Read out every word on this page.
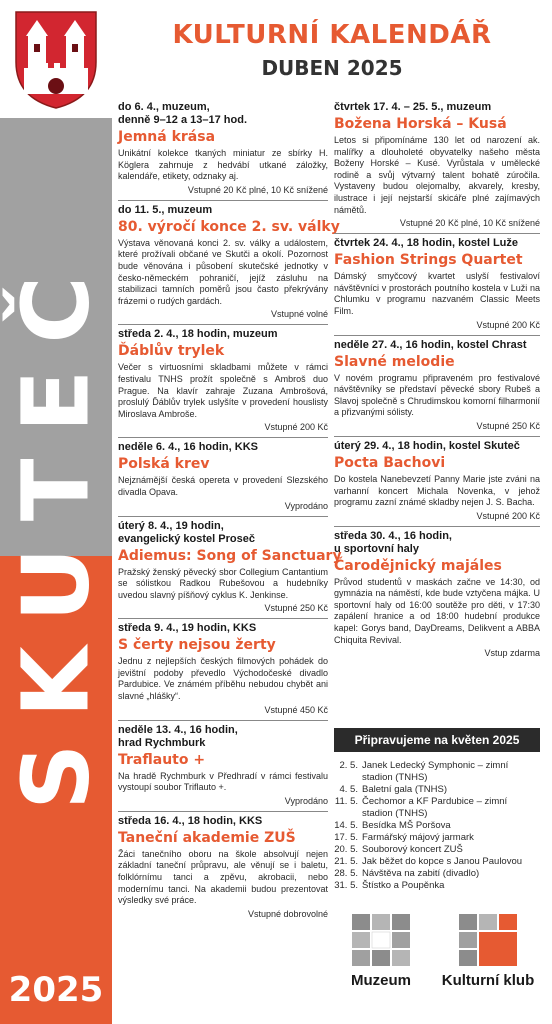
SKUTEČ
2025
KULTURNÍ KALENDÁŘ
DUBEN 2025
do 6. 4., muzeum,
denně 9–12 a 13–17 hod.
Jemná krása
Unikátní kolekce tkaných miniatur ze sbírky H. Köglera zahrnuje z hedvábí utkané záložky, kalendáře, etikety, odznaky aj.
Vstupné 20 Kč plné, 10 Kč snížené
do 11. 5., muzeum
80. výročí konce 2. sv. války
Výstava věnovaná konci 2. sv. války a událostem, které prožívali občané ve Skutči a okolí. Pozornost bude věnována i působení skutečské jednotky v česko-německém pohraničí, jejíž zásluhu na stabilizaci tamních poměrů jsou často překrývány frázemi o rudých gardách.
Vstupné volné
středa 2. 4., 18 hodin, muzeum
Ďáblův trylek
Večer s virtuosními skladbami můžete v rámci festivalu TNHS prožít společně s Ambroš duo Prague. Na klavír zahraje Zuzana Ambrošová, proslulý Ďáblův trylek uslyšíte v provedení houslisty Miroslava Ambroše.
Vstupné 200 Kč
neděle 6. 4., 16 hodin, KKS
Polská krev
Nejznámější česká opereta v provedení Slezského divadla Opava.
Vyprodáno
úterý 8. 4., 19 hodin,
evangelický kostel Proseč
Adiemus: Song of Sanctuary
Pražský ženský pěvecký sbor Collegium Cantantium se sólistkou Radkou Rubešovou a hudebníky uvedou slavný píšňový cyklus K. Jenkinse.
Vstupné 250 Kč
středa 9. 4., 19 hodin, KKS
S čerty nejsou žerty
Jednu z nejlepších českých filmových pohádek do jevištní podoby převedlo Východočeské divadlo Pardubice. Ve známém příběhu nebudou chybět ani slavné „hlášky“.
Vstupné 450 Kč
neděle 13. 4., 16 hodin,
hrad Rychmburk
Traflauto +
Na hradě Rychmburk v Předhradí v rámci festivalu vystoupí soubor Triflauto +.
Vyprodáno
středa 16. 4., 18 hodin, KKS
Taneční akademie ZUŠ
Žáci tanečního oboru na škole absolvují nejen základní taneční průpravu, ale věnují se i baletu, folklórnímu tanci a zpěvu, akrobacii, nebo modernímu tanci. Na akademii budou prezentovat výsledky své práce.
Vstupné dobrovolné
čtvrtek 17. 4. – 25. 5., muzeum
Božena Horská – Kusá
Letos si připomínáme 130 let od narození ak. malířky a dlouholeté obyvatelky našeho města Boženy Horské – Kusé. Vyrůstala v umělecké rodině a svůj výtvarný talent bohatě zúročila. Vystaveny budou olejomalby, akvarely, kresby, ilustrace i její nejstarší skicáře plné zajímavých námětů.
Vstupné 20 Kč plné, 10 Kč snížené
čtvrtek 24. 4., 18 hodin, kostel Luže
Fashion Strings Quartet
Dámský smyčcový kvartet uslyší festivaloví návštěvníci v prostorách poutního kostela v Luži na Chlumku v programu nazvaném Classic Meets Film.
Vstupné 200 Kč
neděle 27. 4., 16 hodin, kostel Chrast
Slavné melodie
V novém programu připraveném pro festivalové návštěvníky se představí pěvecké sbory Rubeš a Slavoj společně s Chrudimskou komorní filharmonií a přizvanými sólisty.
Vstupné 250 Kč
úterý 29. 4., 18 hodin, kostel Skuteč
Pocta Bachovi
Do kostela Nanebevzetí Panny Marie jste zváni na varhanní koncert Michala Novenka, v jehož programu zazní známé skladby nejen J. S. Bacha.
Vstupné 200 Kč
středa 30. 4., 16 hodin,
u sportovní haly
Čarodějnický majáles
Průvod studentů v maskách začne ve 14:30, od gymnázia na náměstí, kde bude vztyčena májka. U sportovní haly od 16:00 soutěže pro děti, v 17:30 zapálení hranice a od 18:00 hudební produkce kapel: Gorys band, DayDreams, Delikvent a ABBA Chiquita Revival.
Vstup zdarma
Připravujeme na květen 2025
2. 5. Janek Ledecký Symphonic – zimní stadion (TNHS)
4. 5. Baletní gala (TNHS)
11. 5. Čechomor a KF Pardubice – zimní stadion (TNHS)
14. 5. Besídka MŠ Poršova
17. 5. Farmářský májový jarmark
20. 5. Souborový koncert ZUŠ
21. 5. Jak běžet do kopce s Janou Paulovou
28. 5. Návštěva na zabití (divadlo)
31. 5. Štístko a Poupěnka
Muzeum	Kulturní klub
